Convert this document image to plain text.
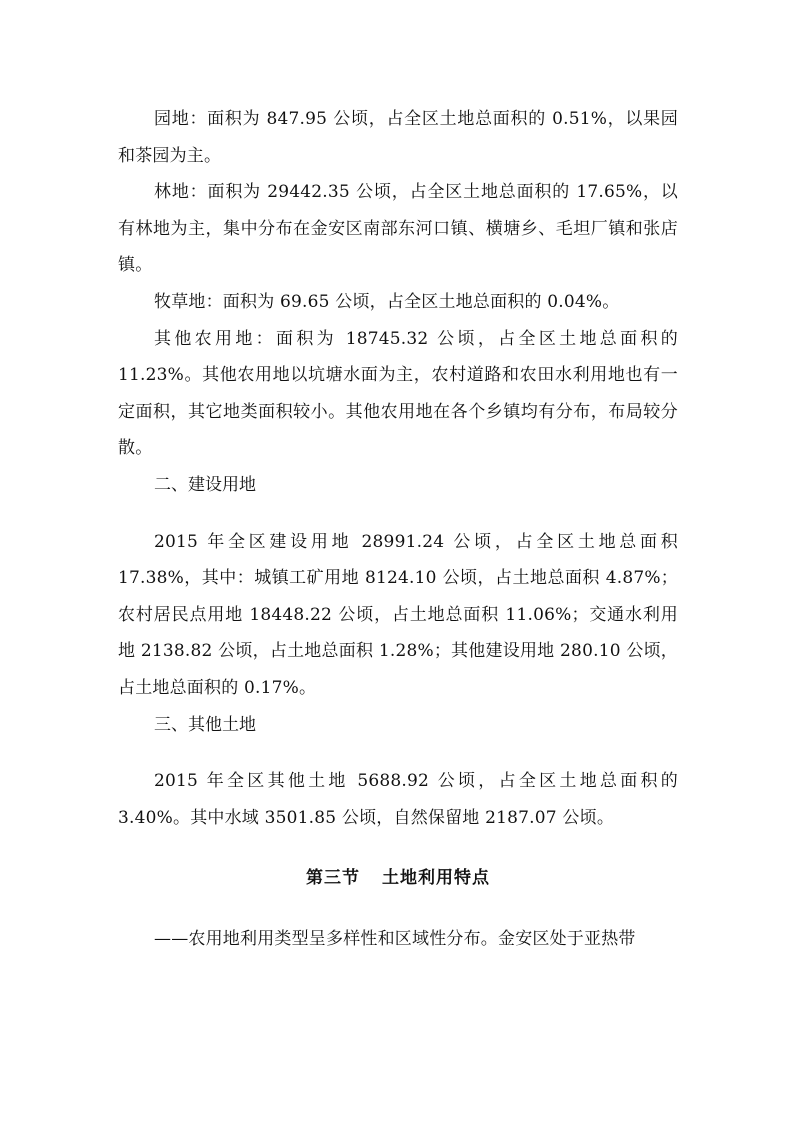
园地：面积为 847.95 公顷，占全区土地总面积的 0.51%，以果园和茶园为主。

林地：面积为 29442.35 公顷，占全区土地总面积的 17.65%，以有林地为主，集中分布在金安区南部东河口镇、横塘乡、毛坦厂镇和张店镇。

牧草地：面积为 69.65 公顷，占全区土地总面积的 0.04%。

其他农用地：面积为 18745.32 公顷，占全区土地总面积的 11.23%。其他农用地以坑塘水面为主，农村道路和农田水利用地也有一定面积，其它地类面积较小。其他农用地在各个乡镇均有分布，布局较分散。

二、建设用地

2015 年全区建设用地 28991.24 公顷，占全区土地总面积 17.38%，其中：城镇工矿用地 8124.10 公顷，占土地总面积 4.87%；农村居民点用地 18448.22 公顷，占土地总面积 11.06%；交通水利用地 2138.82 公顷，占土地总面积 1.28%；其他建设用地 280.10 公顷，占土地总面积的 0.17%。

三、其他土地

2015 年全区其他土地 5688.92 公顷，占全区土地总面积的 3.40%。其中水域 3501.85 公顷，自然保留地 2187.07 公顷。

第三节 土地利用特点

——农用地利用类型呈多样性和区域性分布。金安区处于亚热带
